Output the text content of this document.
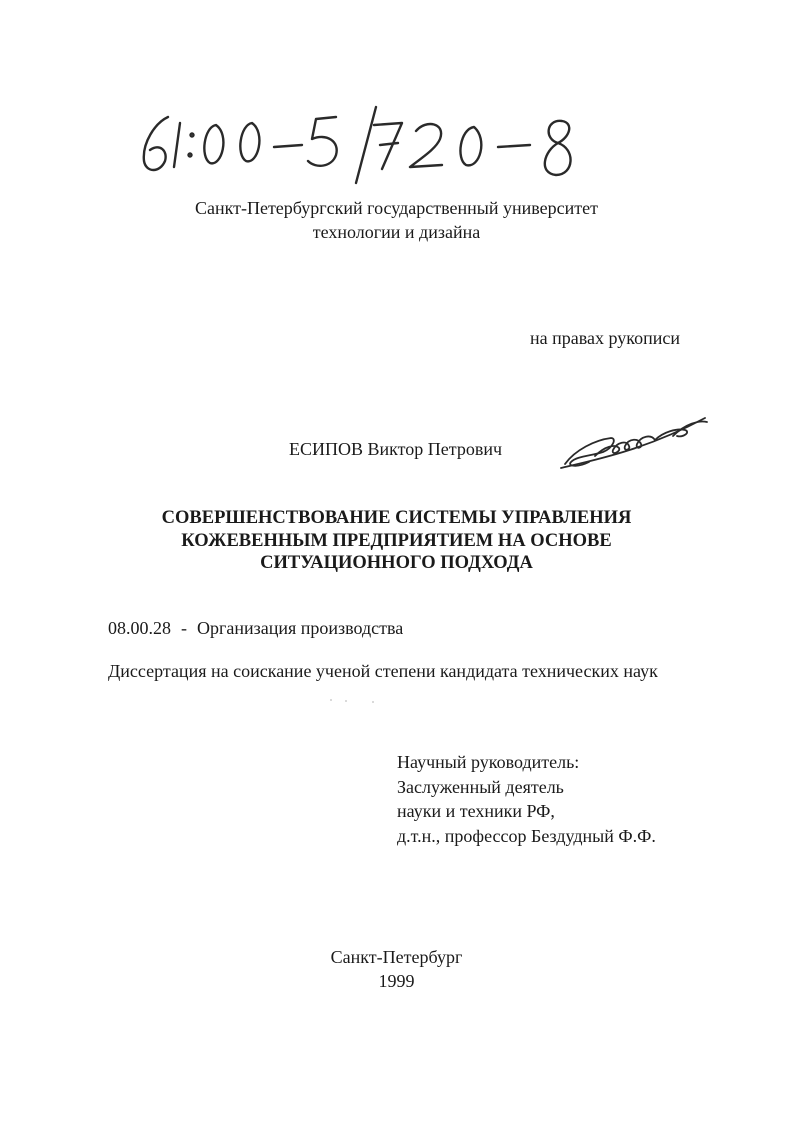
Санкт-Петербургский государственный университет
технологии и дизайна
на правах рукописи
ЕСИПОВ Виктор Петрович
СОВЕРШЕНСТВОВАНИЕ СИСТЕМЫ УПРАВЛЕНИЯ
КОЖЕВЕННЫМ ПРЕДПРИЯТИЕМ НА ОСНОВЕ
СИТУАЦИОННОГО ПОДХОДА
08.00.28 - Организация производства
Диссертация на соискание ученой степени кандидата технических наук
Научный руководитель:
Заслуженный деятель
науки и техники РФ,
д.т.н., профессор Бездудный Ф.Ф.
Санкт-Петербург
1999
